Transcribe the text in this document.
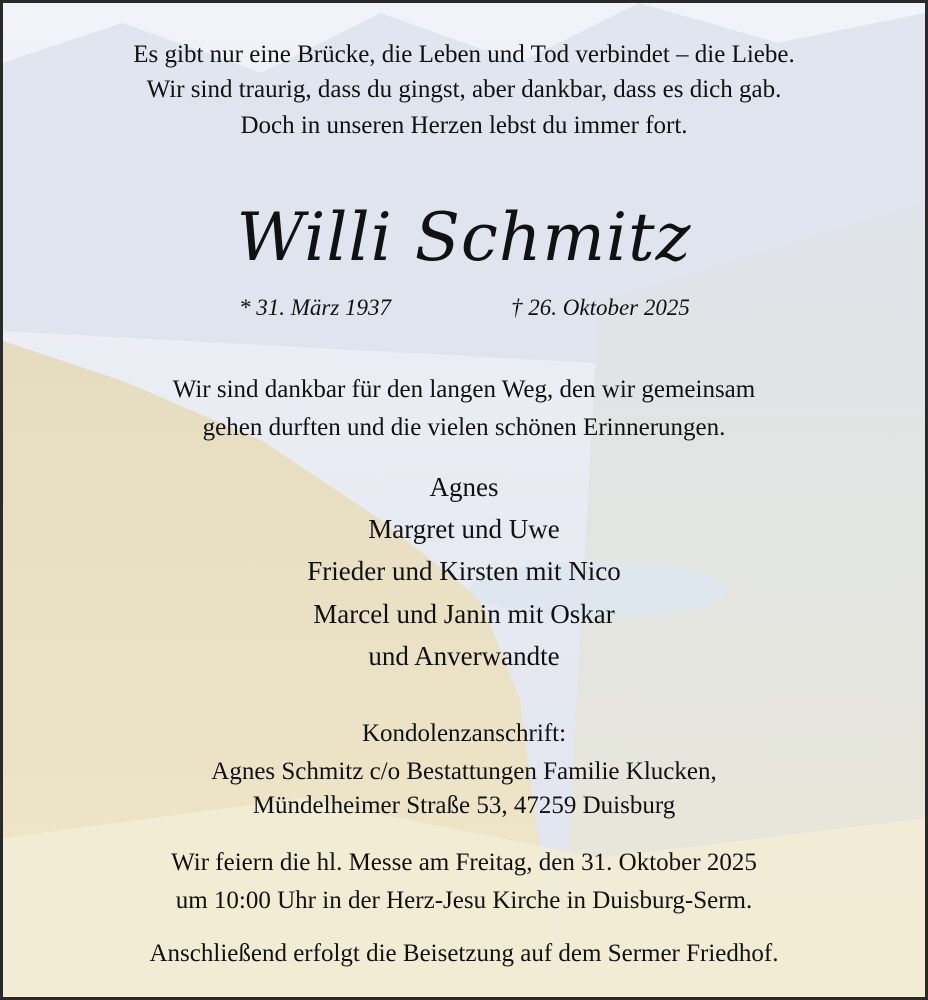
Es gibt nur eine Brücke, die Leben und Tod verbindet – die Liebe.
Wir sind traurig, dass du gingst, aber dankbar, dass es dich gab.
Doch in unseren Herzen lebst du immer fort.
Willi Schmitz
* 31. März 1937	† 26. Oktober 2025
Wir sind dankbar für den langen Weg, den wir gemeinsam
gehen durften und die vielen schönen Erinnerungen.
Agnes
Margret und Uwe
Frieder und Kirsten mit Nico
Marcel und Janin mit Oskar
und Anverwandte
Kondolenzanschrift:
Agnes Schmitz c/o Bestattungen Familie Klucken,
Mündelheimer Straße 53, 47259 Duisburg
Wir feiern die hl. Messe am Freitag, den 31. Oktober 2025
um 10:00 Uhr in der Herz-Jesu Kirche in Duisburg-Serm.
Anschließend erfolgt die Beisetzung auf dem Sermer Friedhof.
